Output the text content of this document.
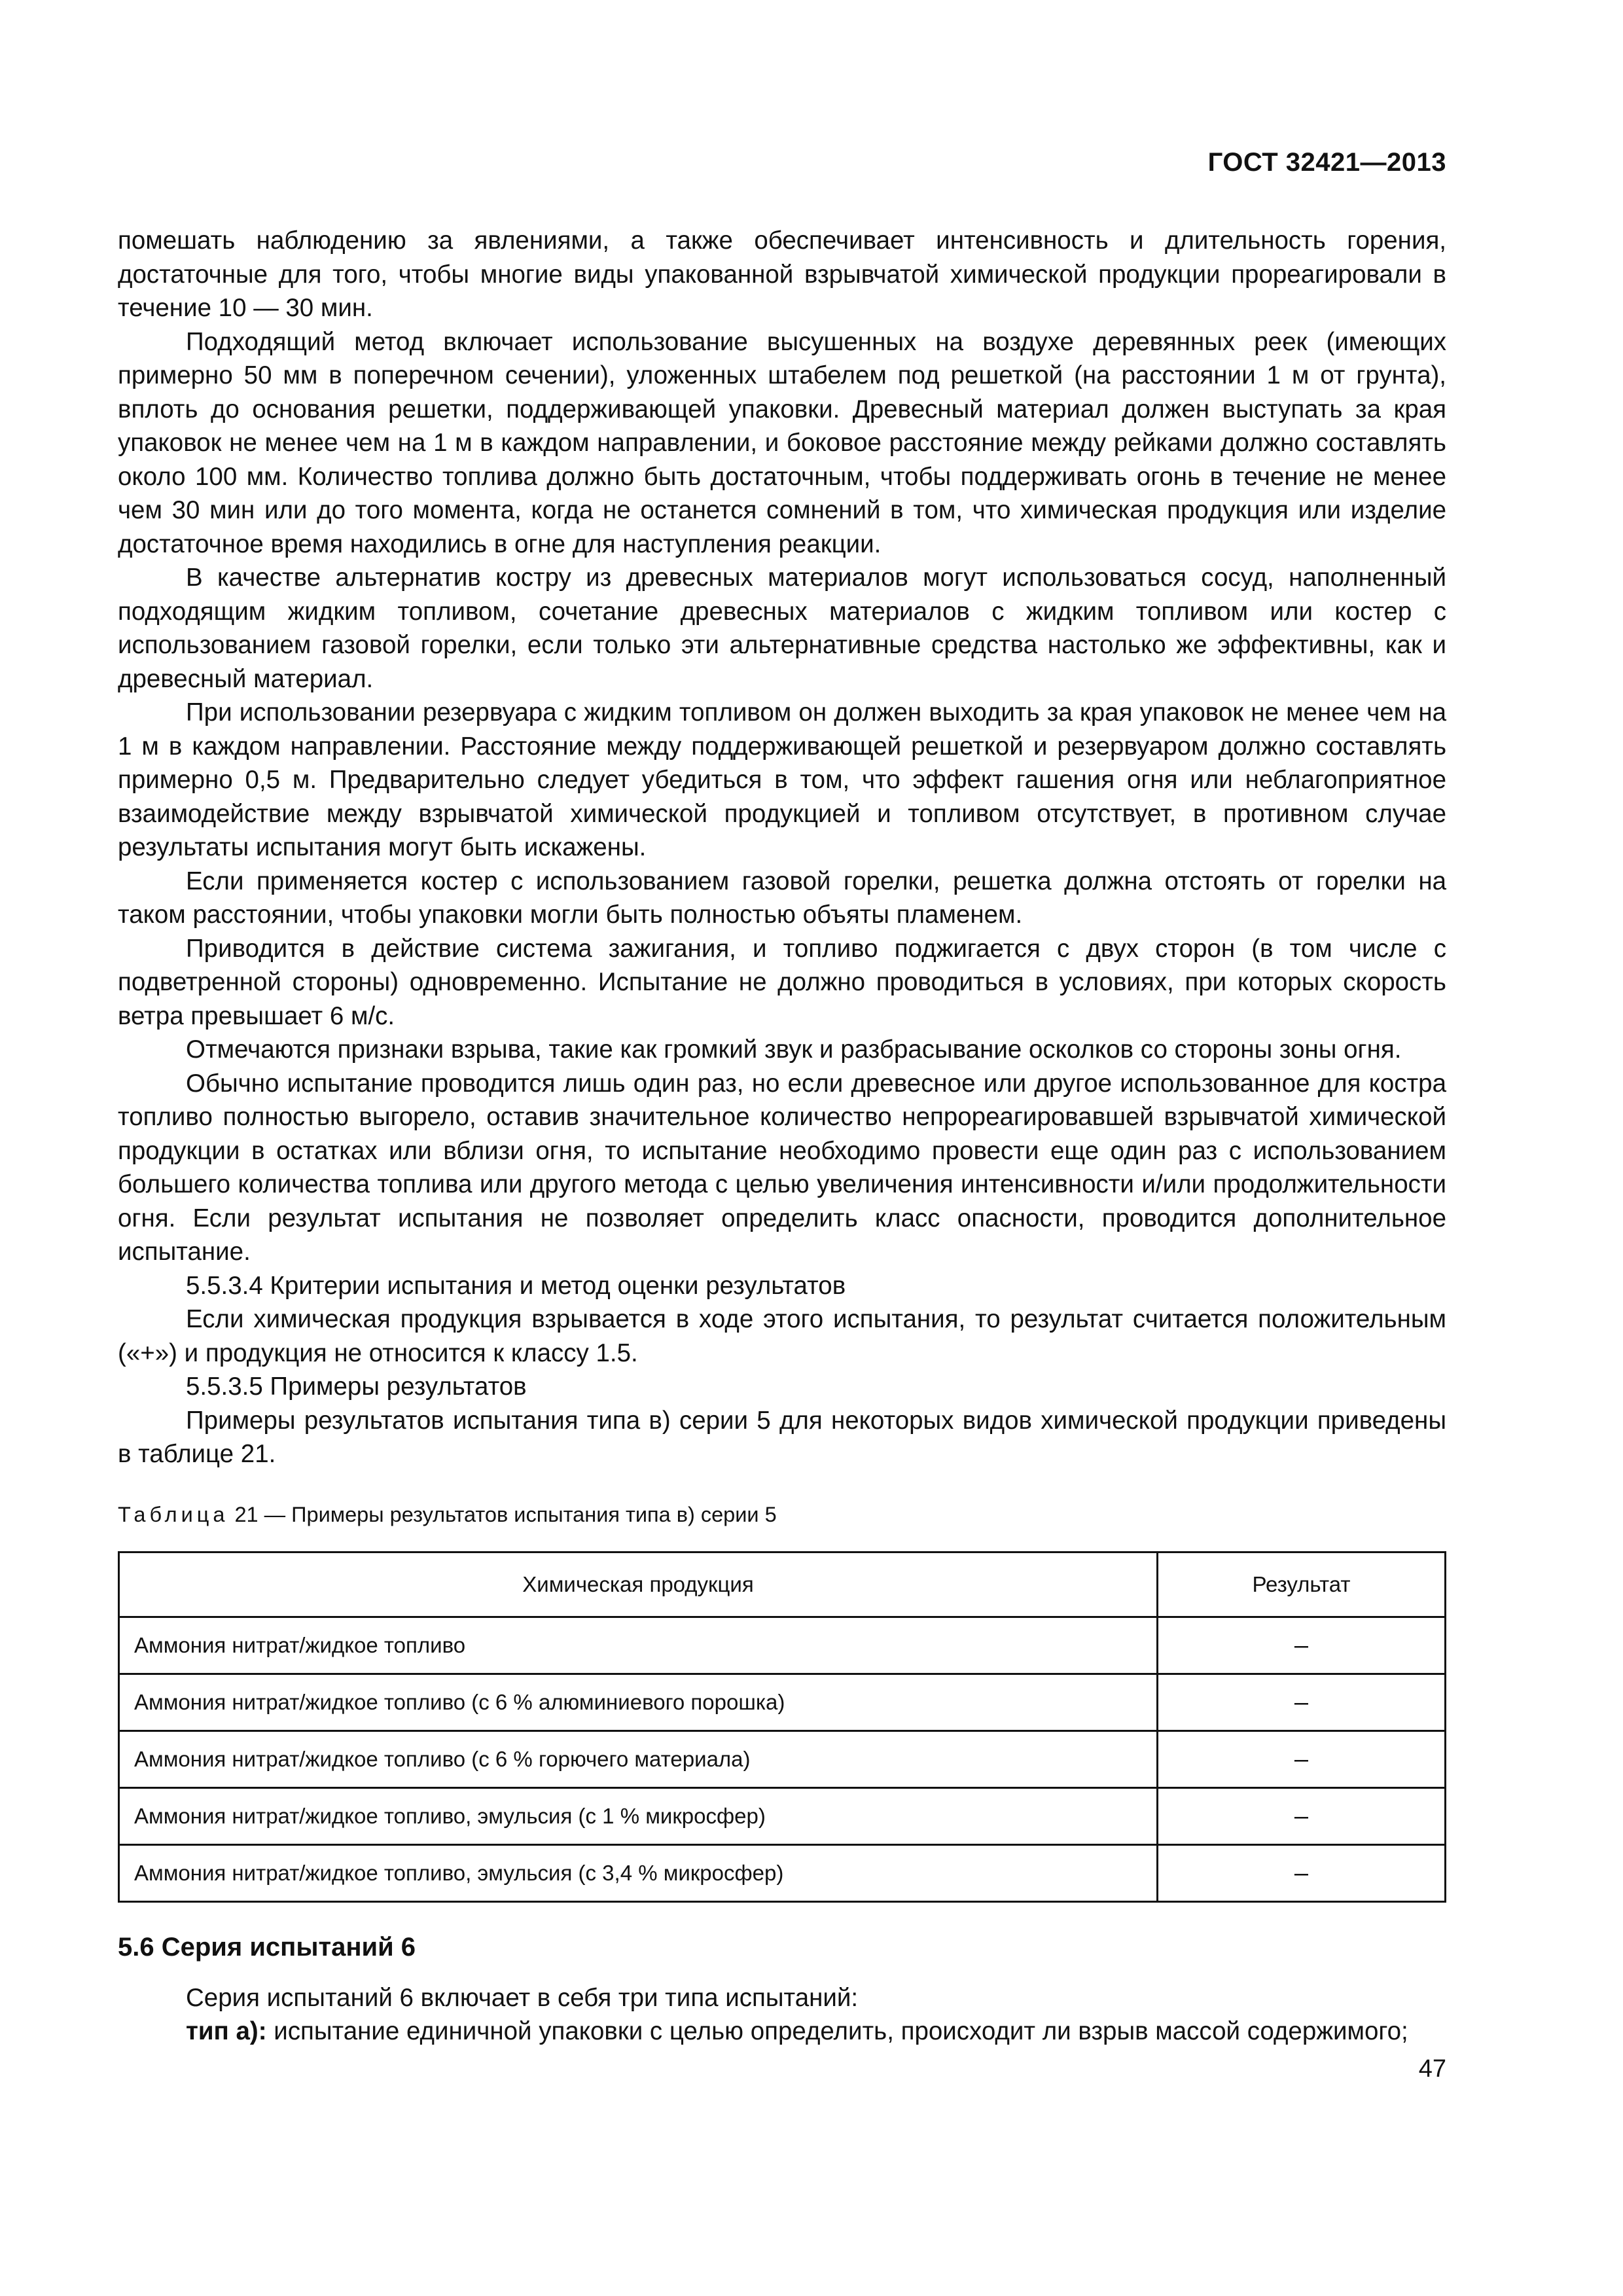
ГОСТ 32421—2013

помешать наблюдению за явлениями, а также обеспечивает интенсивность и длительность горения, достаточные для того, чтобы многие виды упакованной взрывчатой химической продукции прореагировали в течение 10 — 30 мин.

Подходящий метод включает использование высушенных на воздухе деревянных реек (имеющих примерно 50 мм в поперечном сечении), уложенных штабелем под решеткой (на расстоянии 1 м от грунта), вплоть до основания решетки, поддерживающей упаковки. Древесный материал должен выступать за края упаковок не менее чем на 1 м в каждом направлении, и боковое расстояние между рейками должно составлять около 100 мм. Количество топлива должно быть достаточным, чтобы поддерживать огонь в течение не менее чем 30 мин или до того момента, когда не останется сомнений в том, что химическая продукция или изделие достаточное время находились в огне для наступления реакции.

В качестве альтернатив костру из древесных материалов могут использоваться сосуд, наполненный подходящим жидким топливом, сочетание древесных материалов с жидким топливом или костер с использованием газовой горелки, если только эти альтернативные средства настолько же эффективны, как и древесный материал.

При использовании резервуара с жидким топливом он должен выходить за края упаковок не менее чем на 1 м в каждом направлении. Расстояние между поддерживающей решеткой и резервуаром должно составлять примерно 0,5 м. Предварительно следует убедиться в том, что эффект гашения огня или неблагоприятное взаимодействие между взрывчатой химической продукцией и топливом отсутствует, в противном случае результаты испытания могут быть искажены.

Если применяется костер с использованием газовой горелки, решетка должна отстоять от горелки на таком расстоянии, чтобы упаковки могли быть полностью объяты пламенем.

Приводится в действие система зажигания, и топливо поджигается с двух сторон (в том числе с подветренной стороны) одновременно. Испытание не должно проводиться в условиях, при которых скорость ветра превышает 6 м/с.

Отмечаются признаки взрыва, такие как громкий звук и разбрасывание осколков со стороны зоны огня.

Обычно испытание проводится лишь один раз, но если древесное или другое использованное для костра топливо полностью выгорело, оставив значительное количество непрореагировавшей взрывчатой химической продукции в остатках или вблизи огня, то испытание необходимо провести еще один раз с использованием большего количества топлива или другого метода с целью увеличения интенсивности и/или продолжительности огня. Если результат испытания не позволяет определить класс опасности, проводится дополнительное испытание.

5.5.3.4 Критерии испытания и метод оценки результатов

Если химическая продукция взрывается в ходе этого испытания, то результат считается положительным («+») и продукция не относится к классу 1.5.

5.5.3.5 Примеры результатов

Примеры результатов испытания типа в) серии 5 для некоторых видов химической продукции приведены в таблице 21.

Таблица 21 — Примеры результатов испытания типа в) серии 5
Химическая продукция	Результат
Аммония нитрат/жидкое топливо	–
Аммония нитрат/жидкое топливо (с 6 % алюминиевого порошка)	–
Аммония нитрат/жидкое топливо (с 6 % горючего материала)	–
Аммония нитрат/жидкое топливо, эмульсия (с 1 % микросфер)	–
Аммония нитрат/жидкое топливо, эмульсия (с 3,4 % микросфер)	–
5.6 Серия испытаний 6

Серия испытаний 6 включает в себя три типа испытаний:

тип а): испытание единичной упаковки с целью определить, происходит ли взрыв массой содержимого;

47
